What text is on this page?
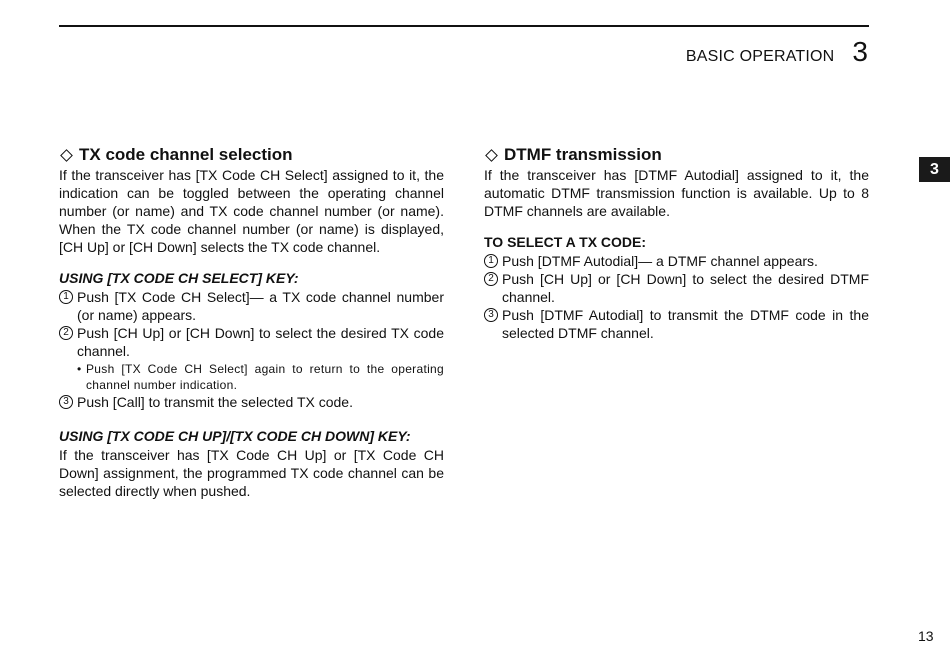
BASIC OPERATION 3
3
TX code channel selection

If the transceiver has [TX Code CH Select] assigned to it, the indication can be toggled between the operating channel number (or name) and TX code channel number (or name). When the TX code channel number (or name) is displayed, [CH Up] or [CH Down] selects the TX code channel.

USING [TX CODE CH SELECT] KEY:
1 Push [TX Code CH Select]— a TX code channel number (or name) appears.
2 Push [CH Up] or [CH Down] to select the desired TX code channel.
• Push [TX Code CH Select] again to return to the operating channel number indication.
3 Push [Call] to transmit the selected TX code.
USING [TX CODE CH UP]/[TX CODE CH DOWN] KEY:

If the transceiver has [TX Code CH Up] or [TX Code CH Down] assignment, the programmed TX code channel can be selected directly when pushed.

DTMF transmission

If the transceiver has [DTMF Autodial] assigned to it, the automatic DTMF transmission function is available. Up to 8 DTMF channels are available.

TO SELECT A TX CODE:
1 Push [DTMF Autodial]— a DTMF channel appears.
2 Push [CH Up] or [CH Down] to select the desired DTMF channel.
3 Push [DTMF Autodial] to transmit the DTMF code in the selected DTMF channel.
13
